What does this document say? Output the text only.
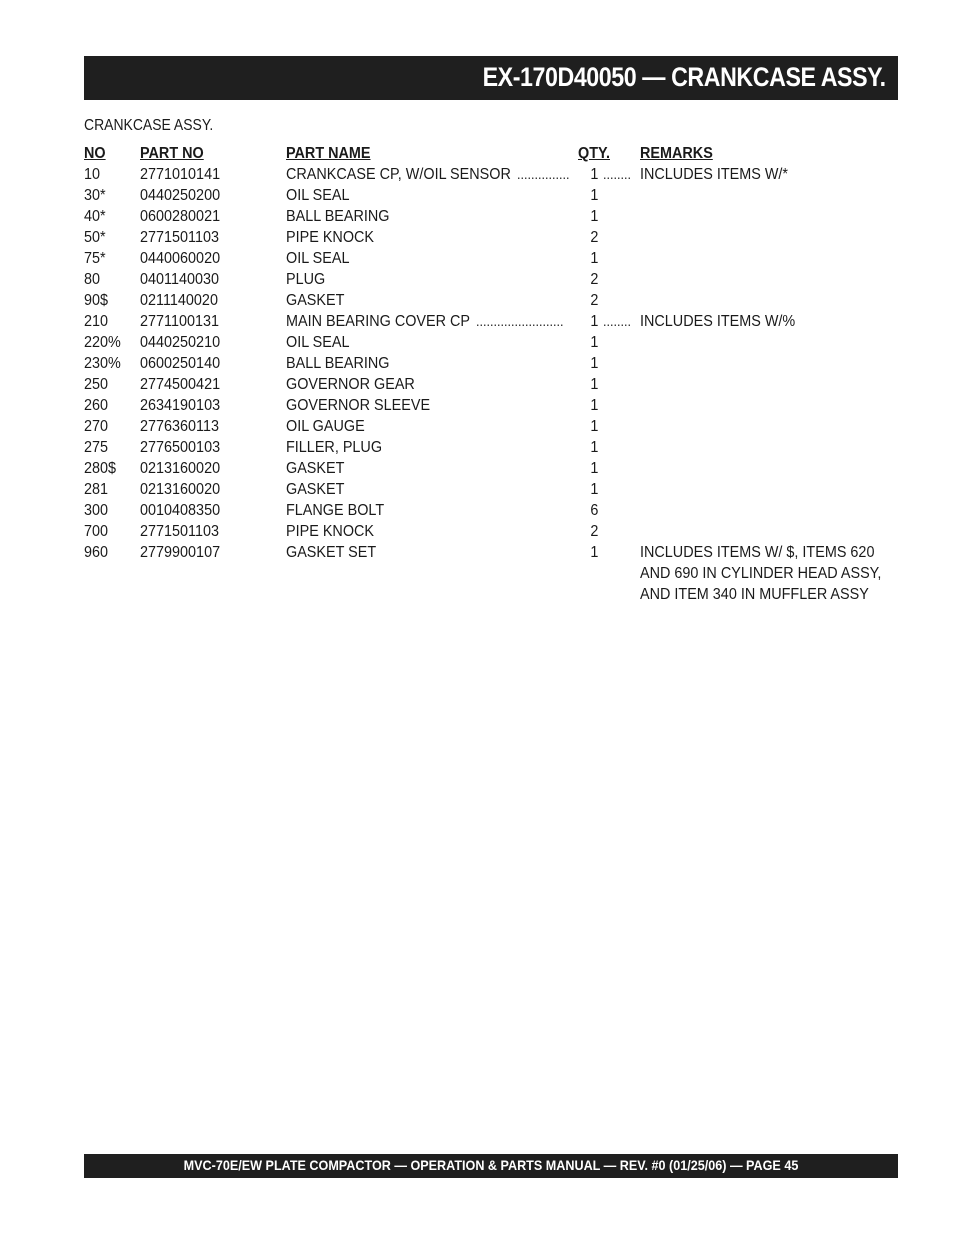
EX-170D40050 — CRANKCASE ASSY.
CRANKCASE ASSY.
NO PART NO	PART NAME	QTY. REMARKS
10 2771010141	CRANKCASE CP, W/OIL SENSOR	1	INCLUDES ITEMS W/*
............... ........
30* 0440250200	OIL SEAL	1
40* 0600280021	BALL BEARING	1
50* 2771501103	PIPE KNOCK	2
75* 0440060020	OIL SEAL	1
80 0401140030	PLUG	2
90$ 0211140020	GASKET	2
210 2771100131	MAIN BEARING COVER CP	1	INCLUDES ITEMS W/%
.........................	........
220% 0440250210	OIL SEAL	1
230% 0600250140	BALL BEARING	1
250 2774500421	GOVERNOR GEAR	1
260 2634190103	GOVERNOR SLEEVE	1
270 2776360113	OIL GAUGE	1
275 2776500103	FILLER, PLUG	1
280$ 0213160020	GASKET	1
281 0213160020	GASKET	1
300 0010408350	FLANGE BOLT	6
700 2771501103	PIPE KNOCK	2
960 2779900107	GASKET SET	1	INCLUDES ITEMS W/ $, ITEMS 620
AND 690 IN CYLINDER HEAD ASSY,
AND ITEM 340 IN MUFFLER ASSY
MVC-70E/EW PLATE COMPACTOR — OPERATION & PARTS MANUAL — REV. #0 (01/25/06) — PAGE 45
